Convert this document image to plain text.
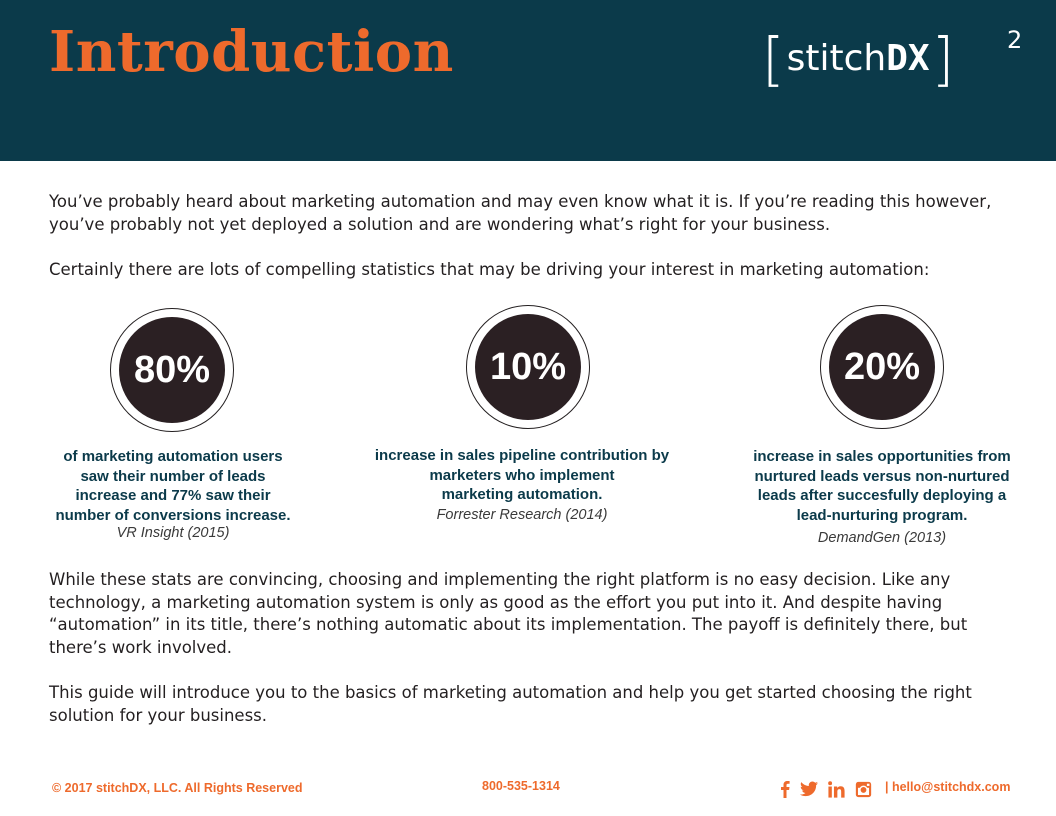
Introduction	[ stitchDX ] 2

You’ve probably heard about marketing automation and may even know what it is. If you’re reading this however, you’ve probably not yet deployed a solution and are wondering what’s right for your business.

Certainly there are lots of compelling statistics that may be driving your interest in marketing automation:

80%

of marketing automation users
saw their number of leads
increase and 77% saw their
number of conversions increase.

VR Insight (2015)

10%

increase in sales pipeline contribution by
marketers who implement
marketing automation.

Forrester Research (2014)

20%

increase in sales opportunities from
nurtured leads versus non-nurtured
leads after succesfully deploying a
lead-nurturing program.

DemandGen (2013)

While these stats are convincing, choosing and implementing the right platform is no easy decision. Like any technology, a marketing automation system is only as good as the effort you put into it. And despite having “automation” in its title, there’s nothing automatic about its implementation. The payoff is definitely there, but there’s work involved.

This guide will introduce you to the basics of marketing automation and help you get started choosing the right solution for your business.

© 2017 stitchDX, LLC. All Rights Reserved	800-535-1314	| hello@stitchdx.com
